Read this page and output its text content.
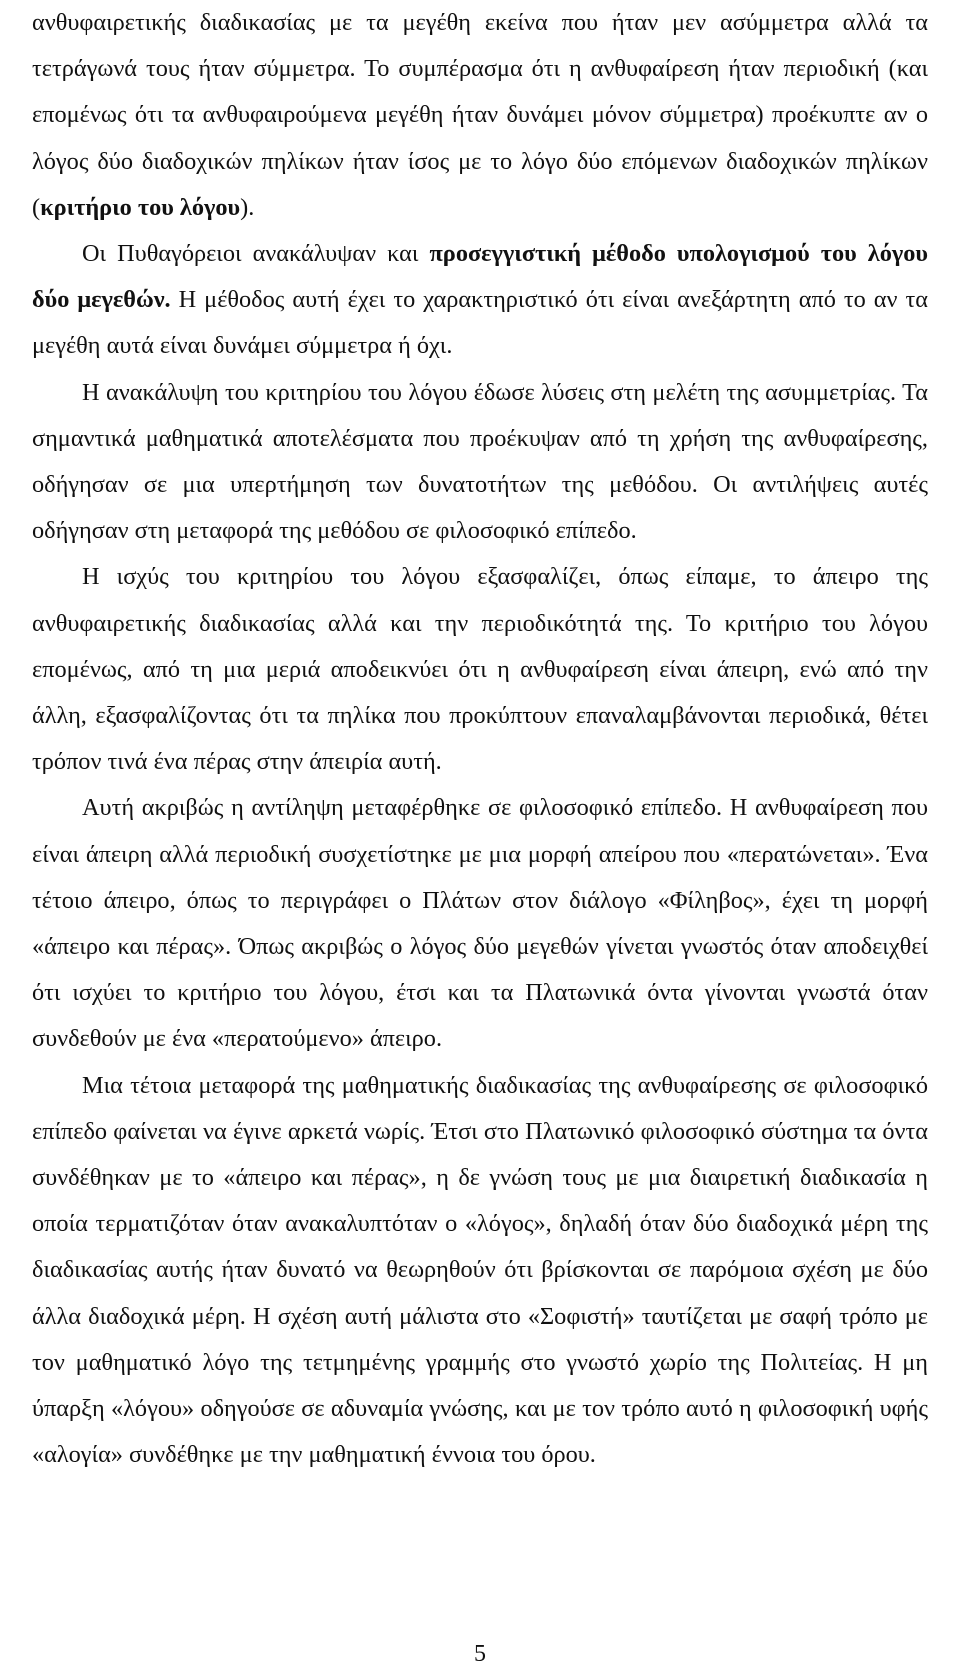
ανθυφαιρετικής διαδικασίας με τα μεγέθη εκείνα που ήταν μεν ασύμμετρα αλλά τα τετράγωνά τους ήταν σύμμετρα. Το συμπέρασμα ότι η ανθυφαίρεση ήταν περιοδική (και επομένως ότι τα ανθυφαιρούμενα μεγέθη ήταν δυνάμει μόνον σύμμετρα) προέκυπτε αν ο λόγος δύο διαδοχικών πηλίκων ήταν ίσος με το λόγο δύο επόμενων διαδοχικών πηλίκων (κριτήριο του λόγου).

Οι Πυθαγόρειοι ανακάλυψαν και προσεγγιστική μέθοδο υπολογισμού του λόγου δύο μεγεθών. Η μέθοδος αυτή έχει το χαρακτηριστικό ότι είναι ανεξάρτητη από το αν τα μεγέθη αυτά είναι δυνάμει σύμμετρα ή όχι.

Η ανακάλυψη του κριτηρίου του λόγου έδωσε λύσεις στη μελέτη της ασυμμετρίας. Τα σημαντικά μαθηματικά αποτελέσματα που προέκυψαν από τη χρήση της ανθυφαίρεσης, οδήγησαν σε μια υπερτήμηση των δυνατοτήτων της μεθόδου. Οι αντιλήψεις αυτές οδήγησαν στη μεταφορά της μεθόδου σε φιλοσοφικό επίπεδο.

Η ισχύς του κριτηρίου του λόγου εξασφαλίζει, όπως είπαμε, το άπειρο της ανθυφαιρετικής διαδικασίας αλλά και την περιοδικότητά της. Το κριτήριο του λόγου επομένως, από τη μια μεριά αποδεικνύει ότι η ανθυφαίρεση είναι άπειρη, ενώ από την άλλη, εξασφαλίζοντας ότι τα πηλίκα που προκύπτουν επαναλαμβάνονται περιοδικά, θέτει τρόπον τινά ένα πέρας στην άπειρία αυτή.

Αυτή ακριβώς η αντίληψη μεταφέρθηκε σε φιλοσοφικό επίπεδο. Η ανθυφαίρεση που είναι άπειρη αλλά περιοδική συσχετίστηκε με μια μορφή απείρου που «περατώνεται». Ένα τέτοιο άπειρο, όπως το περιγράφει ο Πλάτων στον διάλογο «Φίληβος», έχει τη μορφή «άπειρο και πέρας». Όπως ακριβώς ο λόγος δύο μεγεθών γίνεται γνωστός όταν αποδειχθεί ότι ισχύει το κριτήριο του λόγου, έτσι και τα Πλατωνικά όντα γίνονται γνωστά όταν συνδεθούν με ένα «περατούμενο» άπειρο.

Μια τέτοια μεταφορά της μαθηματικής διαδικασίας της ανθυφαίρεσης σε φιλοσοφικό επίπεδο φαίνεται να έγινε αρκετά νωρίς. Έτσι στο Πλατωνικό φιλοσοφικό σύστημα τα όντα συνδέθηκαν με το «άπειρο και πέρας», η δε γνώση τους με μια διαιρετική διαδικασία η οποία τερματιζόταν όταν ανακαλυπτόταν ο «λόγος», δηλαδή όταν δύο διαδοχικά μέρη της διαδικασίας αυτής ήταν δυνατό να θεωρηθούν ότι βρίσκονται σε παρόμοια σχέση με δύο άλλα διαδοχικά μέρη. Η σχέση αυτή μάλιστα στο «Σοφιστή» ταυτίζεται με σαφή τρόπο με τον μαθηματικό λόγο της τετμημένης γραμμής στο γνωστό χωρίο της Πολιτείας. Η μη ύπαρξη «λόγου» οδηγούσε σε αδυναμία γνώσης, και με τον τρόπο αυτό η φιλοσοφική υφής «αλογία» συνδέθηκε με την μαθηματική έννοια του όρου.

5
